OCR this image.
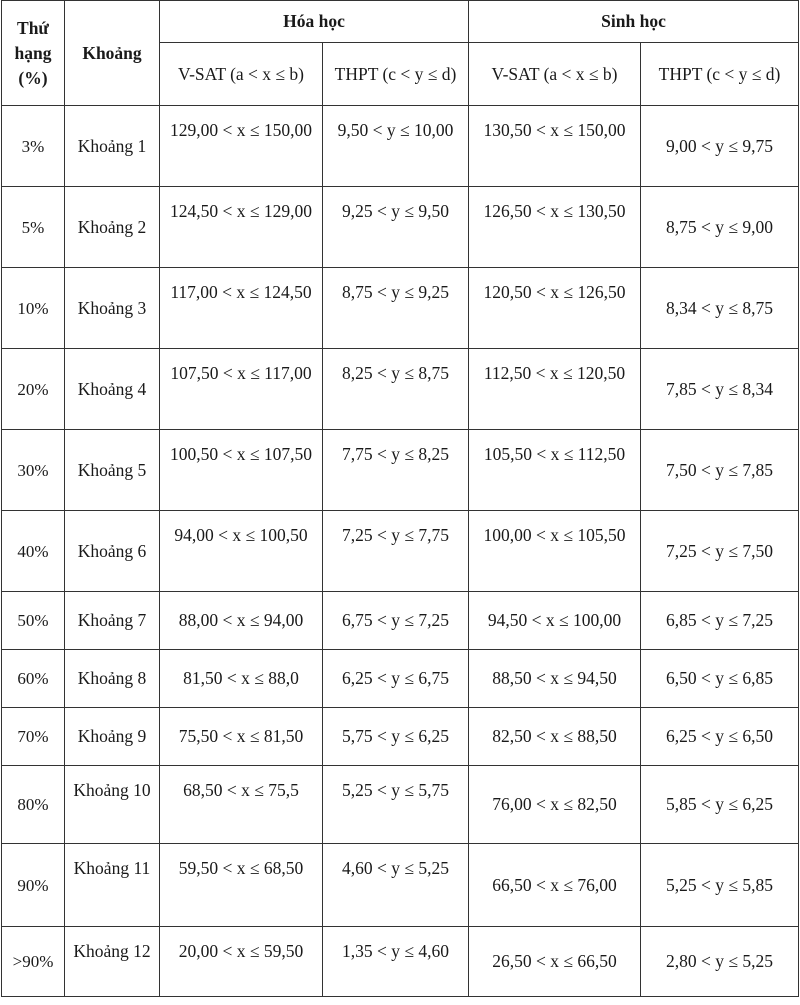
Thứ hạng (%)	Khoảng	Hóa học		Sinh học	
		V-SAT (a < x ≤ b)	THPT (c < y ≤ d)	V-SAT (a < x ≤ b)	THPT (c < y ≤ d)
3%	Khoảng 1	129,00 < x ≤ 150,00	9,50 < y ≤ 10,00	130,50 < x ≤ 150,00	9,00 < y ≤ 9,75
5%	Khoảng 2	124,50 < x ≤ 129,00	9,25 < y ≤ 9,50	126,50 < x ≤ 130,50	8,75 < y ≤ 9,00
10%	Khoảng 3	117,00 < x ≤ 124,50	8,75 < y ≤ 9,25	120,50 < x ≤ 126,50	8,34 < y ≤ 8,75
20%	Khoảng 4	107,50 < x ≤ 117,00	8,25 < y ≤ 8,75	112,50 < x ≤ 120,50	7,85 < y ≤ 8,34
30%	Khoảng 5	100,50 < x ≤ 107,50	7,75 < y ≤ 8,25	105,50 < x ≤ 112,50	7,50 < y ≤ 7,85
40%	Khoảng 6	94,00 < x ≤ 100,50	7,25 < y ≤ 7,75	100,00 < x ≤ 105,50	7,25 < y ≤ 7,50
50%	Khoảng 7	88,00 < x ≤ 94,00	6,75 < y ≤ 7,25	94,50 < x ≤ 100,00	6,85 < y ≤ 7,25
60%	Khoảng 8	81,50 < x ≤ 88,0	6,25 < y ≤ 6,75	88,50 < x ≤ 94,50	6,50 < y ≤ 6,85
70%	Khoảng 9	75,50 < x ≤ 81,50	5,75 < y ≤ 6,25	82,50 < x ≤ 88,50	6,25 < y ≤ 6,50
80%	Khoảng 10	68,50 < x ≤ 75,5	5,25 < y ≤ 5,75	76,00 < x ≤ 82,50	5,85 < y ≤ 6,25
90%	Khoảng 11	59,50 < x ≤ 68,50	4,60 < y ≤ 5,25	66,50 < x ≤ 76,00	5,25 < y ≤ 5,85
>90%	Khoảng 12	20,00 < x ≤ 59,50	1,35 < y ≤ 4,60	26,50 < x ≤ 66,50	2,80 < y ≤ 5,25
